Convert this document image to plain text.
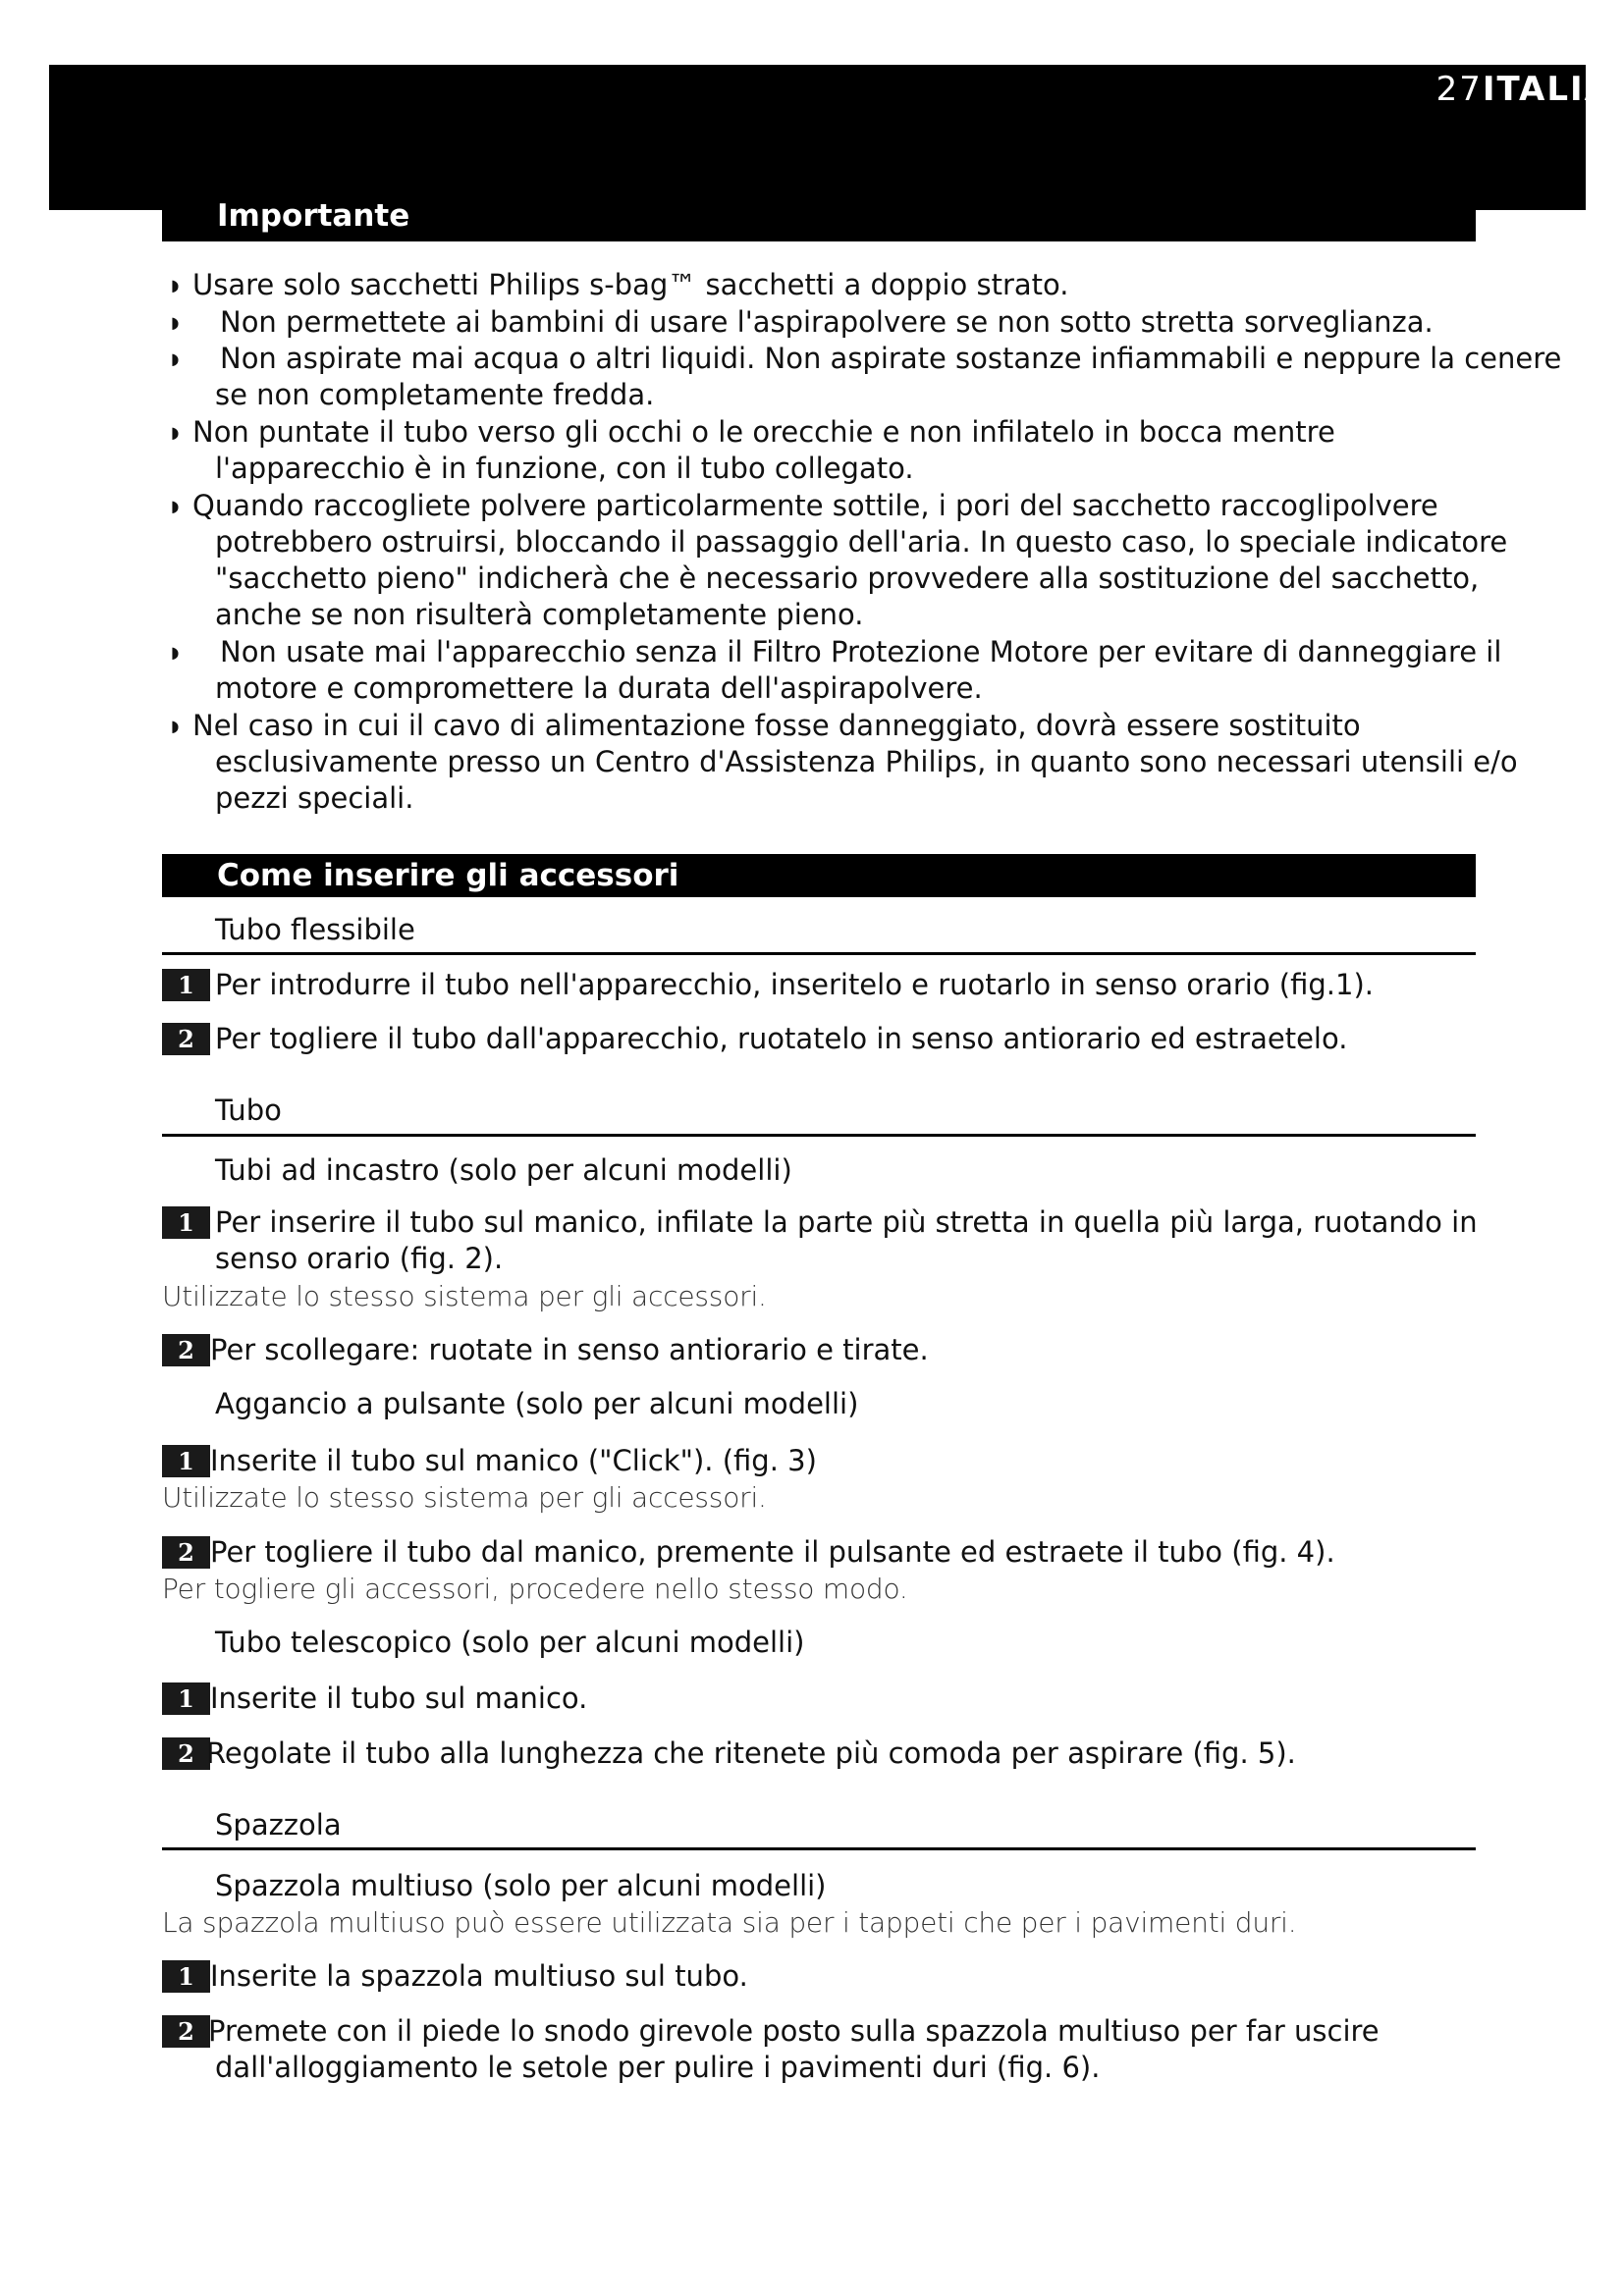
27ITALIA
Importante
◗ Usare solo sacchetti Philips s-bag™ sacchetti a doppio strato.
◗ Non permettete ai bambini di usare l'aspirapolvere se non sotto stretta sorveglianza.
◗ Non aspirate mai acqua o altri liquidi. Non aspirate sostanze infiammabili e neppure la cenere
se non completamente fredda.
◗ Non puntate il tubo verso gli occhi o le orecchie e non infilatelo in bocca mentre
l'apparecchio è in funzione, con il tubo collegato.
◗ Quando raccogliete polvere particolarmente sottile, i pori del sacchetto raccoglipolvere
potrebbero ostruirsi, bloccando il passaggio dell'aria. In questo caso, lo speciale indicatore
"sacchetto pieno" indicherà che è necessario provvedere alla sostituzione del sacchetto,
anche se non risulterà completamente pieno.
◗ Non usate mai l'apparecchio senza il Filtro Protezione Motore per evitare di danneggiare il
motore e compromettere la durata dell'aspirapolvere.
◗ Nel caso in cui il cavo di alimentazione fosse danneggiato, dovrà essere sostituito
esclusivamente presso un Centro d'Assistenza Philips, in quanto sono necessari utensili e/o
pezzi speciali.
Come inserire gli accessori
Tubo flessibile
1 Per introdurre il tubo nell'apparecchio, inseritelo e ruotarlo in senso orario (fig.1).
2 Per togliere il tubo dall'apparecchio, ruotatelo in senso antiorario ed estraetelo.
Tubo
Tubi ad incastro (solo per alcuni modelli)
1 Per inserire il tubo sul manico, infilate la parte più stretta in quella più larga, ruotando in
senso orario (fig. 2).
Utilizzate lo stesso sistema per gli accessori.
2 Per scollegare: ruotate in senso antiorario e tirate.
Aggancio a pulsante (solo per alcuni modelli)
1 Inserite il tubo sul manico ("Click"). (fig. 3)
Utilizzate lo stesso sistema per gli accessori.
2 Per togliere il tubo dal manico, premente il pulsante ed estraete il tubo (fig. 4).
Per togliere gli accessori, procedere nello stesso modo.
Tubo telescopico (solo per alcuni modelli)
1 Inserite il tubo sul manico.
2 Regolate il tubo alla lunghezza che ritenete più comoda per aspirare (fig. 5).
Spazzola
Spazzola multiuso (solo per alcuni modelli)
La spazzola multiuso può essere utilizzata sia per i tappeti che per i pavimenti duri.
1 Inserite la spazzola multiuso sul tubo.
2 Premete con il piede lo snodo girevole posto sulla spazzola multiuso per far uscire
dall'alloggiamento le setole per pulire i pavimenti duri (fig. 6).
